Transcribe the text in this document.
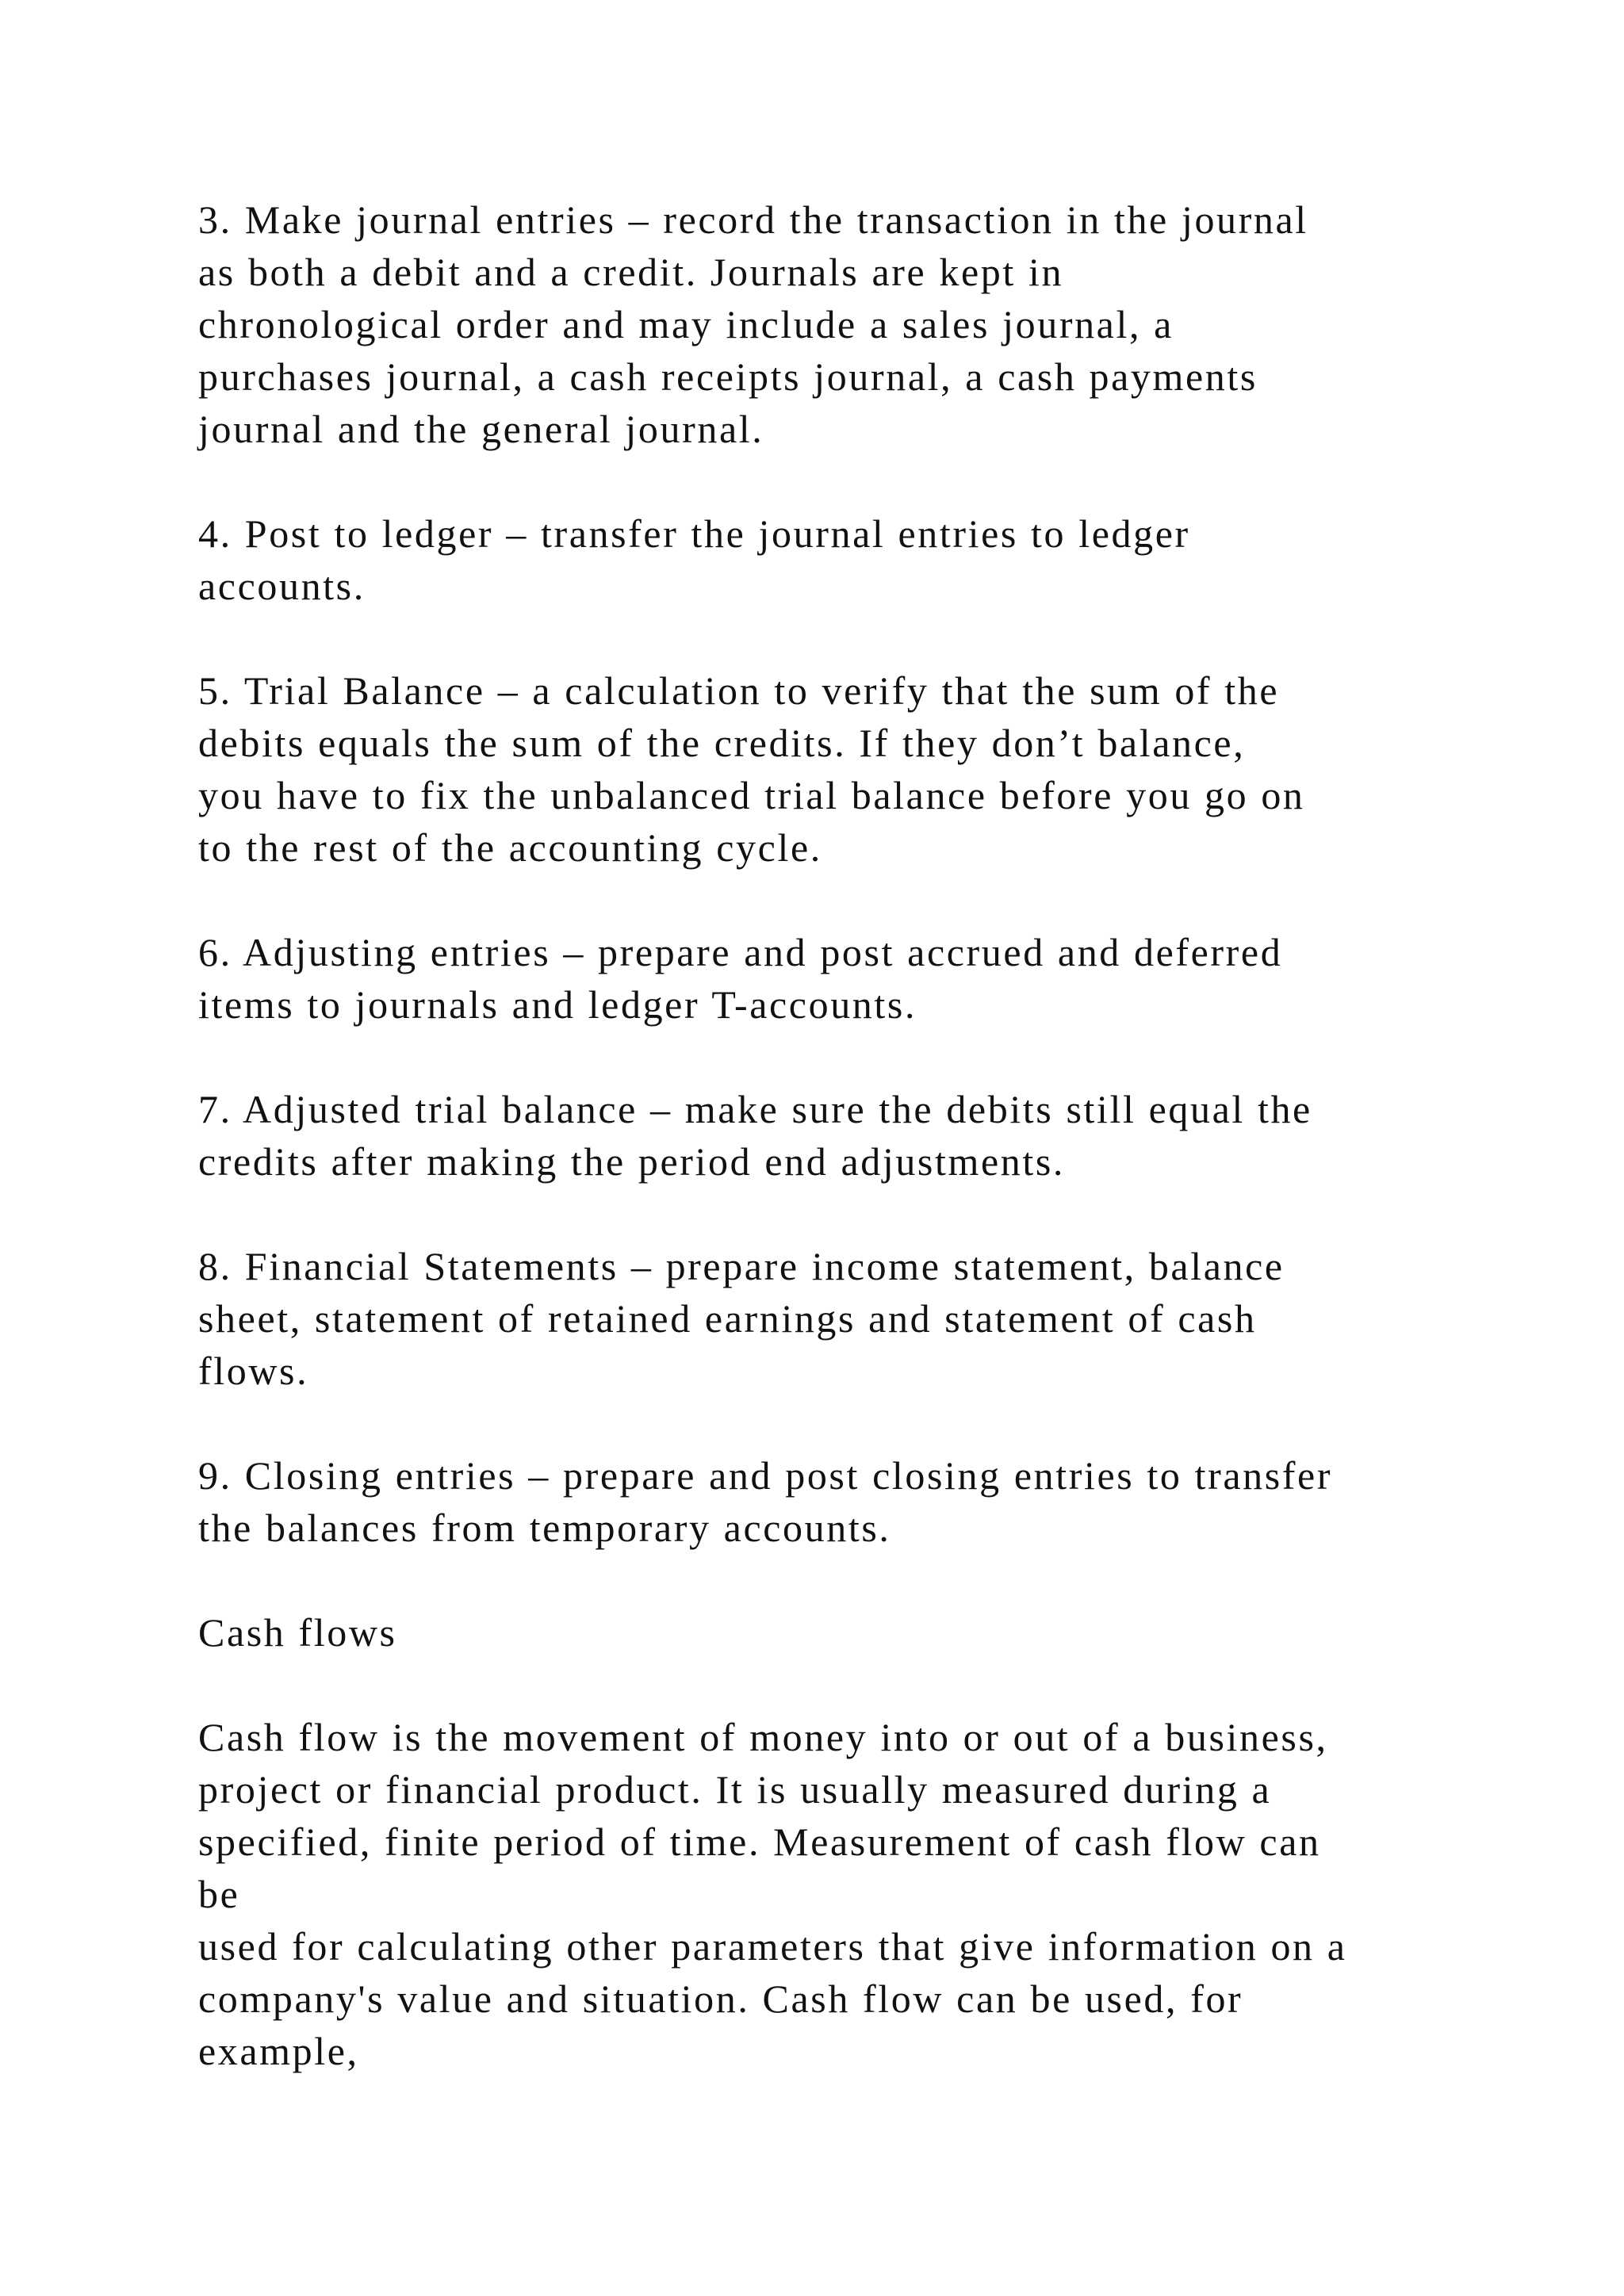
3. Make journal entries – record the transaction in the journal
as both a debit and a credit. Journals are kept in
chronological order and may include a sales journal, a
purchases journal, a cash receipts journal, a cash payments
journal and the general journal.

4. Post to ledger – transfer the journal entries to ledger
accounts.

5. Trial Balance – a calculation to verify that the sum of the
debits equals the sum of the credits. If they don’t balance,
you have to fix the unbalanced trial balance before you go on
to the rest of the accounting cycle.

6. Adjusting entries – prepare and post accrued and deferred
items to journals and ledger T-accounts.

7. Adjusted trial balance – make sure the debits still equal the
credits after making the period end adjustments.

8. Financial Statements – prepare income statement, balance
sheet, statement of retained earnings and statement of cash
flows.

9. Closing entries – prepare and post closing entries to transfer
the balances from temporary accounts.

Cash flows

Cash flow is the movement of money into or out of a business,
project or financial product. It is usually measured during a
specified, finite period of time. Measurement of cash flow can
be
used for calculating other parameters that give information on a
company's value and situation. Cash flow can be used, for
example,
